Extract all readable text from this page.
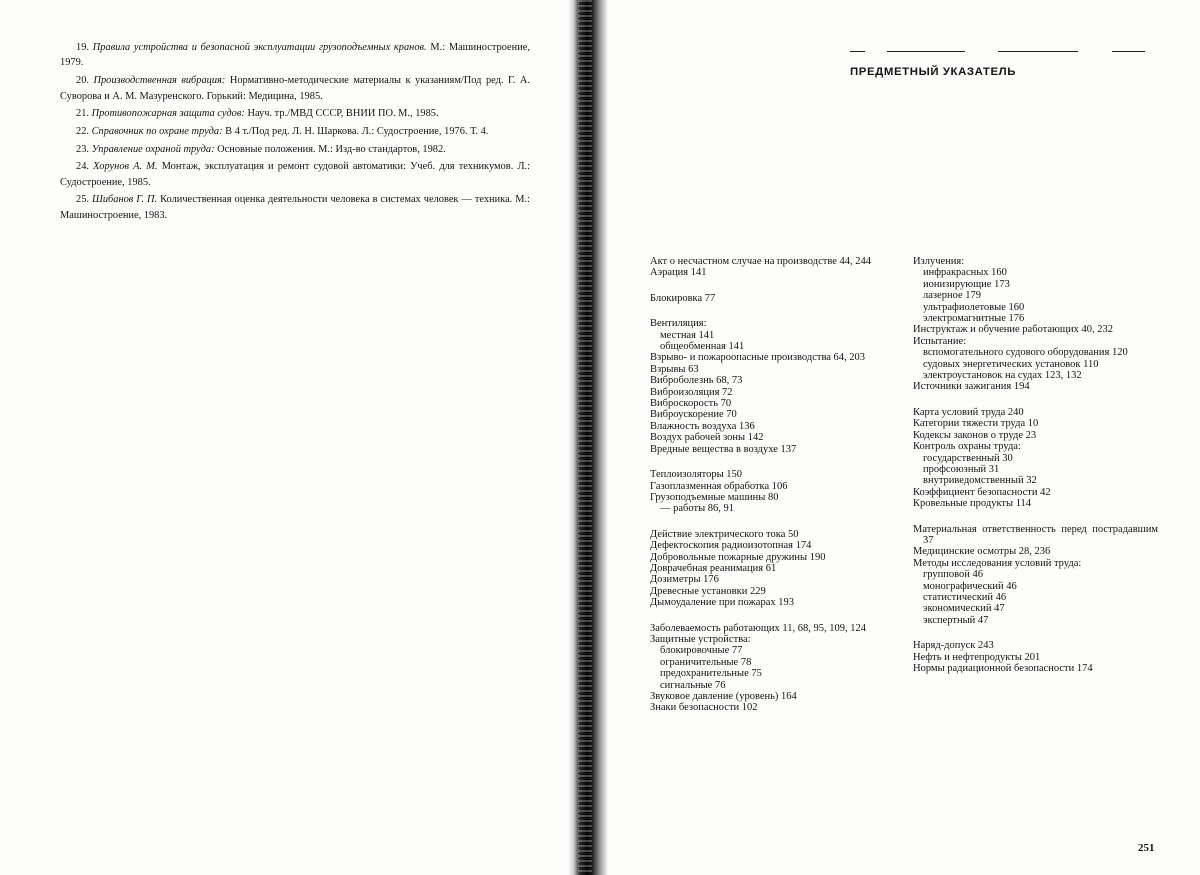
19. Правила устройства и безопасной эксплуатации грузоподъемных кранов. М.: Машиностроение, 1979.

20. Производственная вибрация: Нормативно-методические материалы к указаниям/Под ред. Г. А. Суворова и А. М. Мазуренского. Горький: Медицина, 1985.

21. Противопожарная защита судов: Науч. тр./МВД СССР, ВНИИ ПО. М., 1985.

22. Справочник по охране труда: В 4 т./Под ред. Л. Н. Шаркова. Л.: Судостроение, 1976. Т. 4.

23. Управление охраной труда: Основные положения. М.: Изд-во стандартов, 1982.

24. Хорунов А. М. Монтаж, эксплуатация и ремонт судовой автоматики: Учеб. для техникумов. Л.: Судостроение, 1985.

25. Шибанов Г. П. Количественная оценка деятельности человека в системах человек — техника. М.: Машиностроение, 1983.

ПРЕДМЕТНЫЙ УКАЗАТЕЛЬ

Акт о несчастном случае на производстве 44, 244

Аэрация 141

Блокировка 77

Вентиляция:

местная 141

общеобменная 141

Взрыво- и пожароопасные производства 64, 203

Взрывы 63

Виброболезнь 68, 73

Виброизоляция 72

Виброскорость 70

Виброускорение 70

Влажность воздуха 136

Воздух рабочей зоны 142

Вредные вещества в воздухе 137

Теплоизоляторы 150

Газоплазменная обработка 106

Грузоподъемные машины 80

— работы 86, 91

Действие электрического тока 50

Дефектоскопия радиоизотопная 174

Добровольные пожарные дружины 190

Доврачебная реанимация 61

Дозиметры 176

Древесные установки 229

Дымоудаление при пожарах 193

Заболеваемость работающих 11, 68, 95, 109, 124

Защитные устройства:

блокировочные 77

ограничительные 78

предохранительные 75

сигнальные 76

Звуковое давление (уровень) 164

Знаки безопасности 102

Излучения:

инфракрасных 160

ионизирующие 173

лазерное 179

ультрафиолетовые 160

электромагнитные 176

Инструктаж и обучение работающих 40, 232

Испытание:

вспомогательного судового оборудования 120

судовых энергетических установок 110

электроустановок на судах 123, 132

Источники зажигания 194

Карта условий труда 240

Категории тяжести труда 10

Кодексы законов о труде 23

Контроль охраны труда:

государственный 30

профсоюзный 31

внутриведомственный 32

Коэффициент безопасности 42

Кровельные продукты 114

Материальная ответственность перед пострадавшим 37

Медицинские осмотры 28, 236

Методы исследования условий труда:

групповой 46

монографический 46

статистический 46

экономический 47

экспертный 47

Наряд-допуск 243

Нефть и нефтепродукты 201

Нормы радиационной безопасности 174

251
